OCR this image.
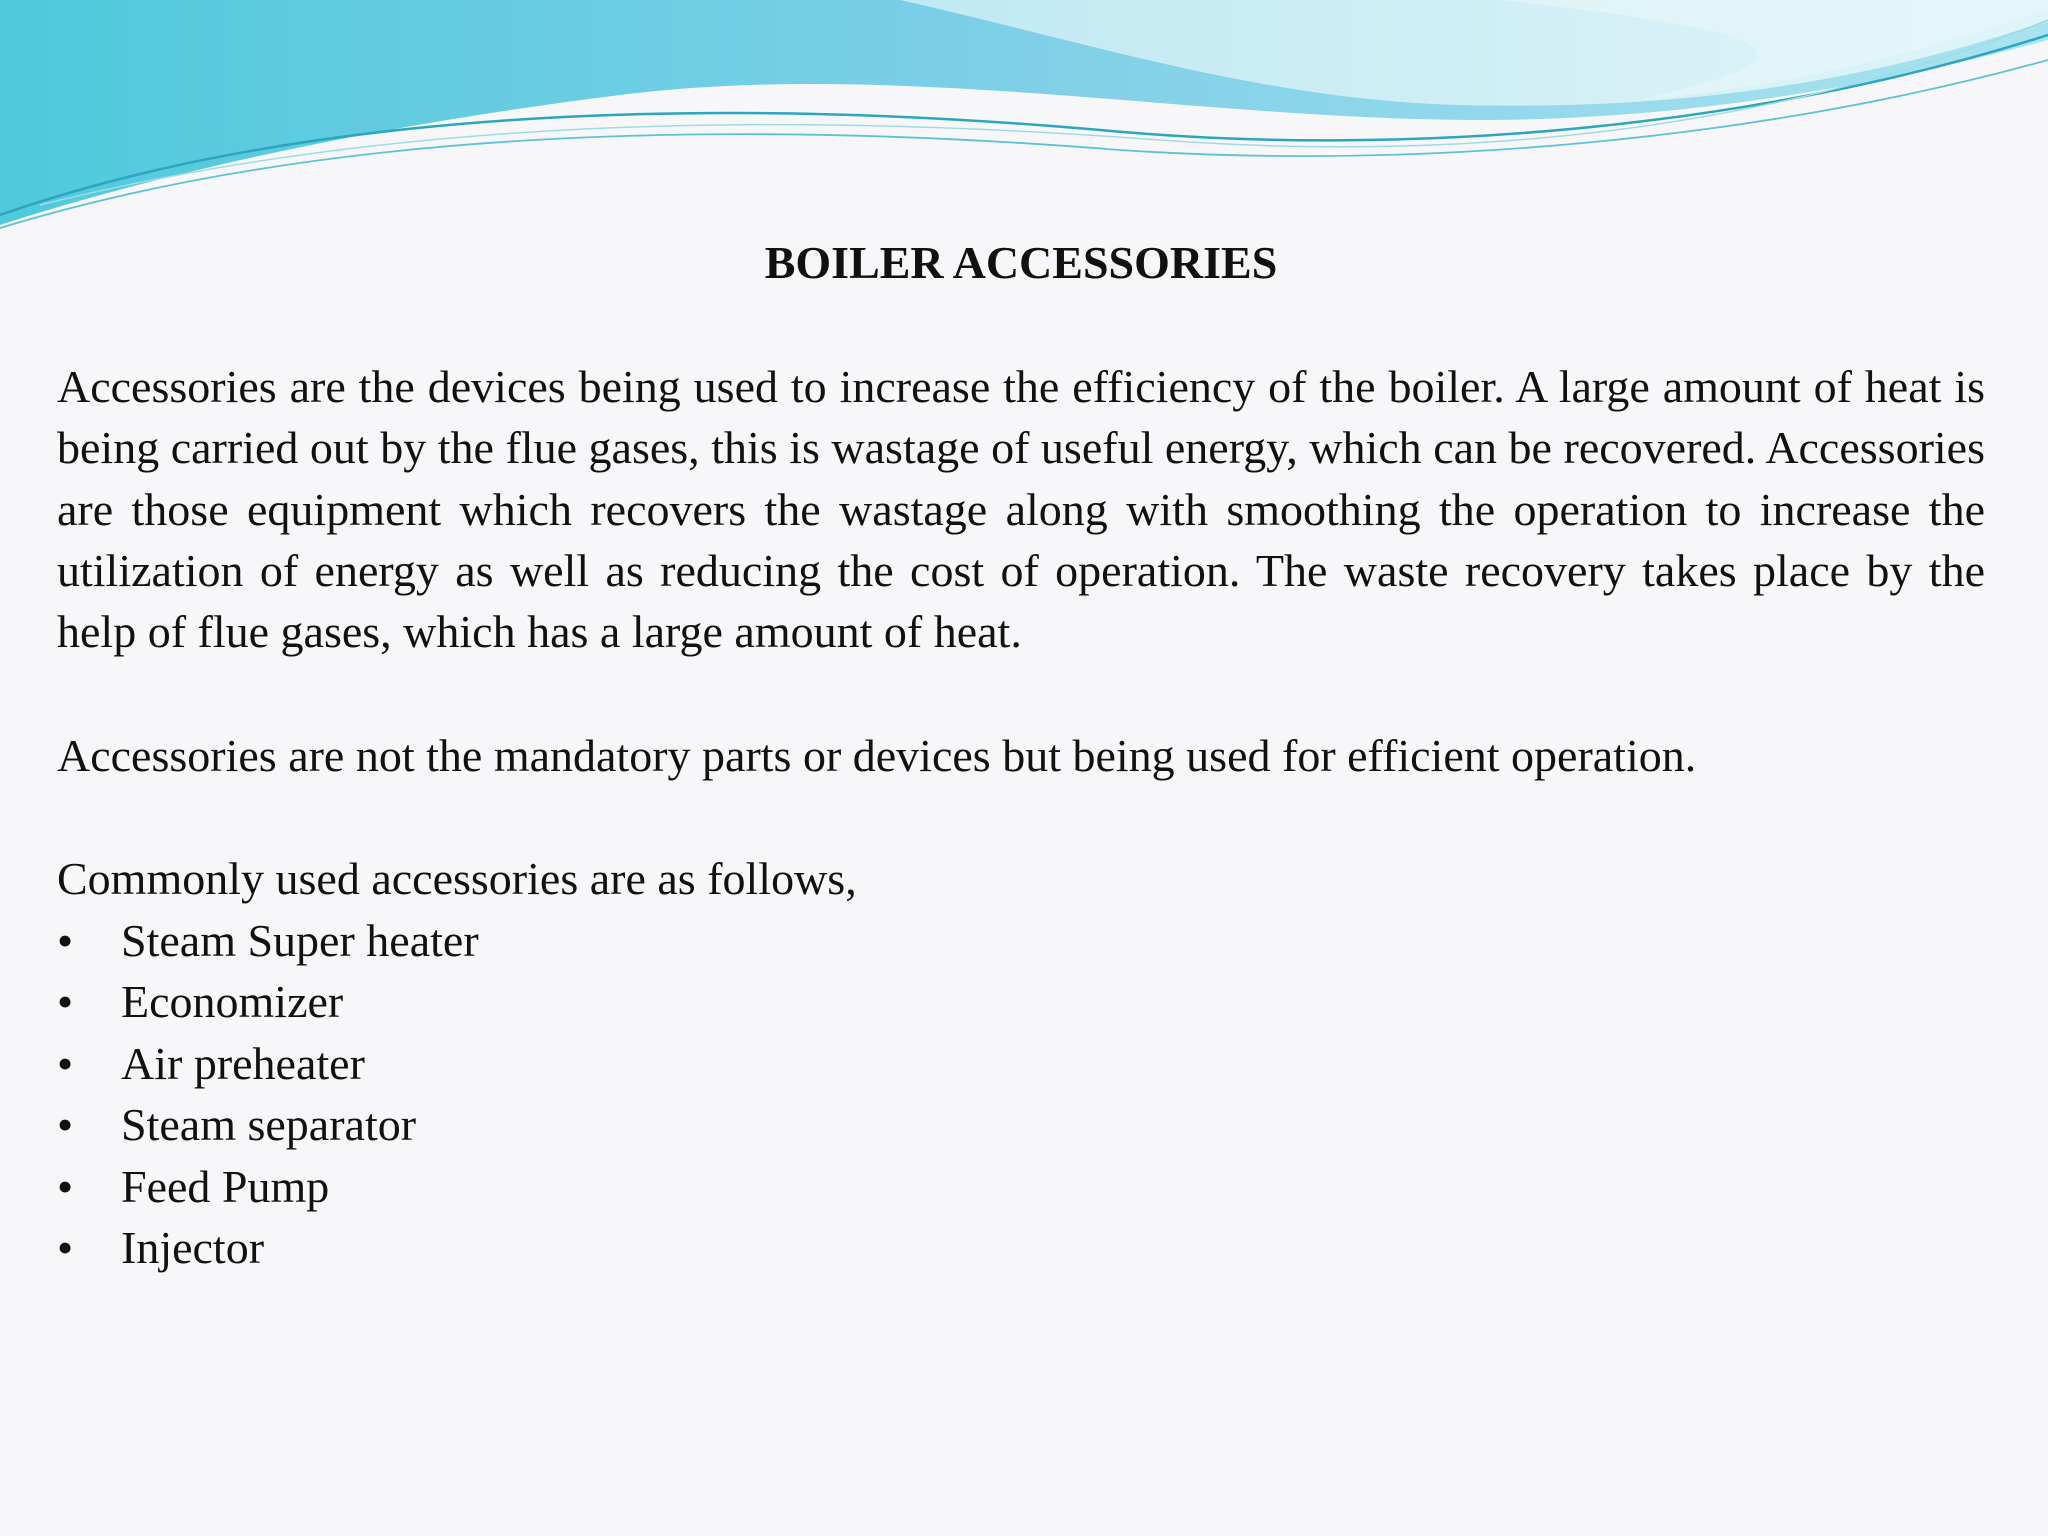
BOILER ACCESSORIES

Accessories are the devices being used to increase the efficiency of the boiler. A large amount of heat is being carried out by the flue gases, this is wastage of useful energy, which can be recovered. Accessories are those equipment which recovers the wastage along with smoothing the operation to increase the utilization of energy as well as reducing the cost of operation. The waste recovery takes place by the help of flue gases, which has a large amount of heat.

Accessories are not the mandatory parts or devices but being used for efficient operation.

Commonly used accessories are as follows,

•	Steam Super heater
•	Economizer
•	Air preheater
•	Steam separator
•	Feed Pump
•	Injector
